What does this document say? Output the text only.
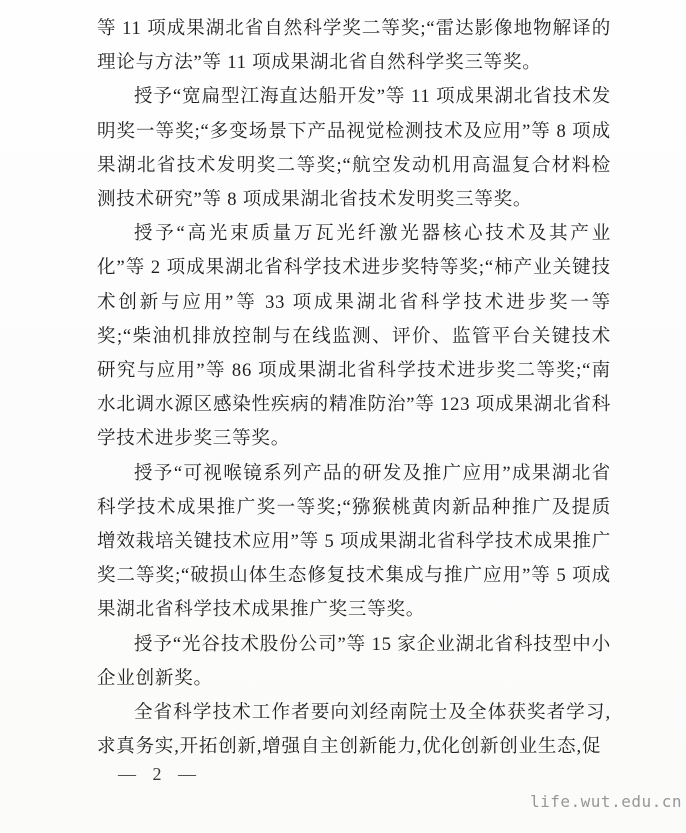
等 11 项成果湖北省自然科学奖二等奖;“雷达影像地物解译的理论与方法”等 11 项成果湖北省自然科学奖三等奖。

授予“宽扁型江海直达船开发”等 11 项成果湖北省技术发明奖一等奖;“多变场景下产品视觉检测技术及应用”等 8 项成果湖北省技术发明奖二等奖;“航空发动机用高温复合材料检测技术研究”等 8 项成果湖北省技术发明奖三等奖。

授予“高光束质量万瓦光纤激光器核心技术及其产业化”等 2 项成果湖北省科学技术进步奖特等奖;“柿产业关键技术创新与应用”等 33 项成果湖北省科学技术进步奖一等奖;“柴油机排放控制与在线监测、评价、监管平台关键技术研究与应用”等 86 项成果湖北省科学技术进步奖二等奖;“南水北调水源区感染性疾病的精准防治”等 123 项成果湖北省科学技术进步奖三等奖。

授予“可视喉镜系列产品的研发及推广应用”成果湖北省科学技术成果推广奖一等奖;“猕猴桃黄肉新品种推广及提质增效栽培关键技术应用”等 5 项成果湖北省科学技术成果推广奖二等奖;“破损山体生态修复技术集成与推广应用”等 5 项成果湖北省科学技术成果推广奖三等奖。

授予“光谷技术股份公司”等 15 家企业湖北省科技型中小企业创新奖。

全省科学技术工作者要向刘经南院士及全体获奖者学习,求真务实,开拓创新,增强自主创新能力,优化创新创业生态,促

— 2 —
life.wut.edu.cn
